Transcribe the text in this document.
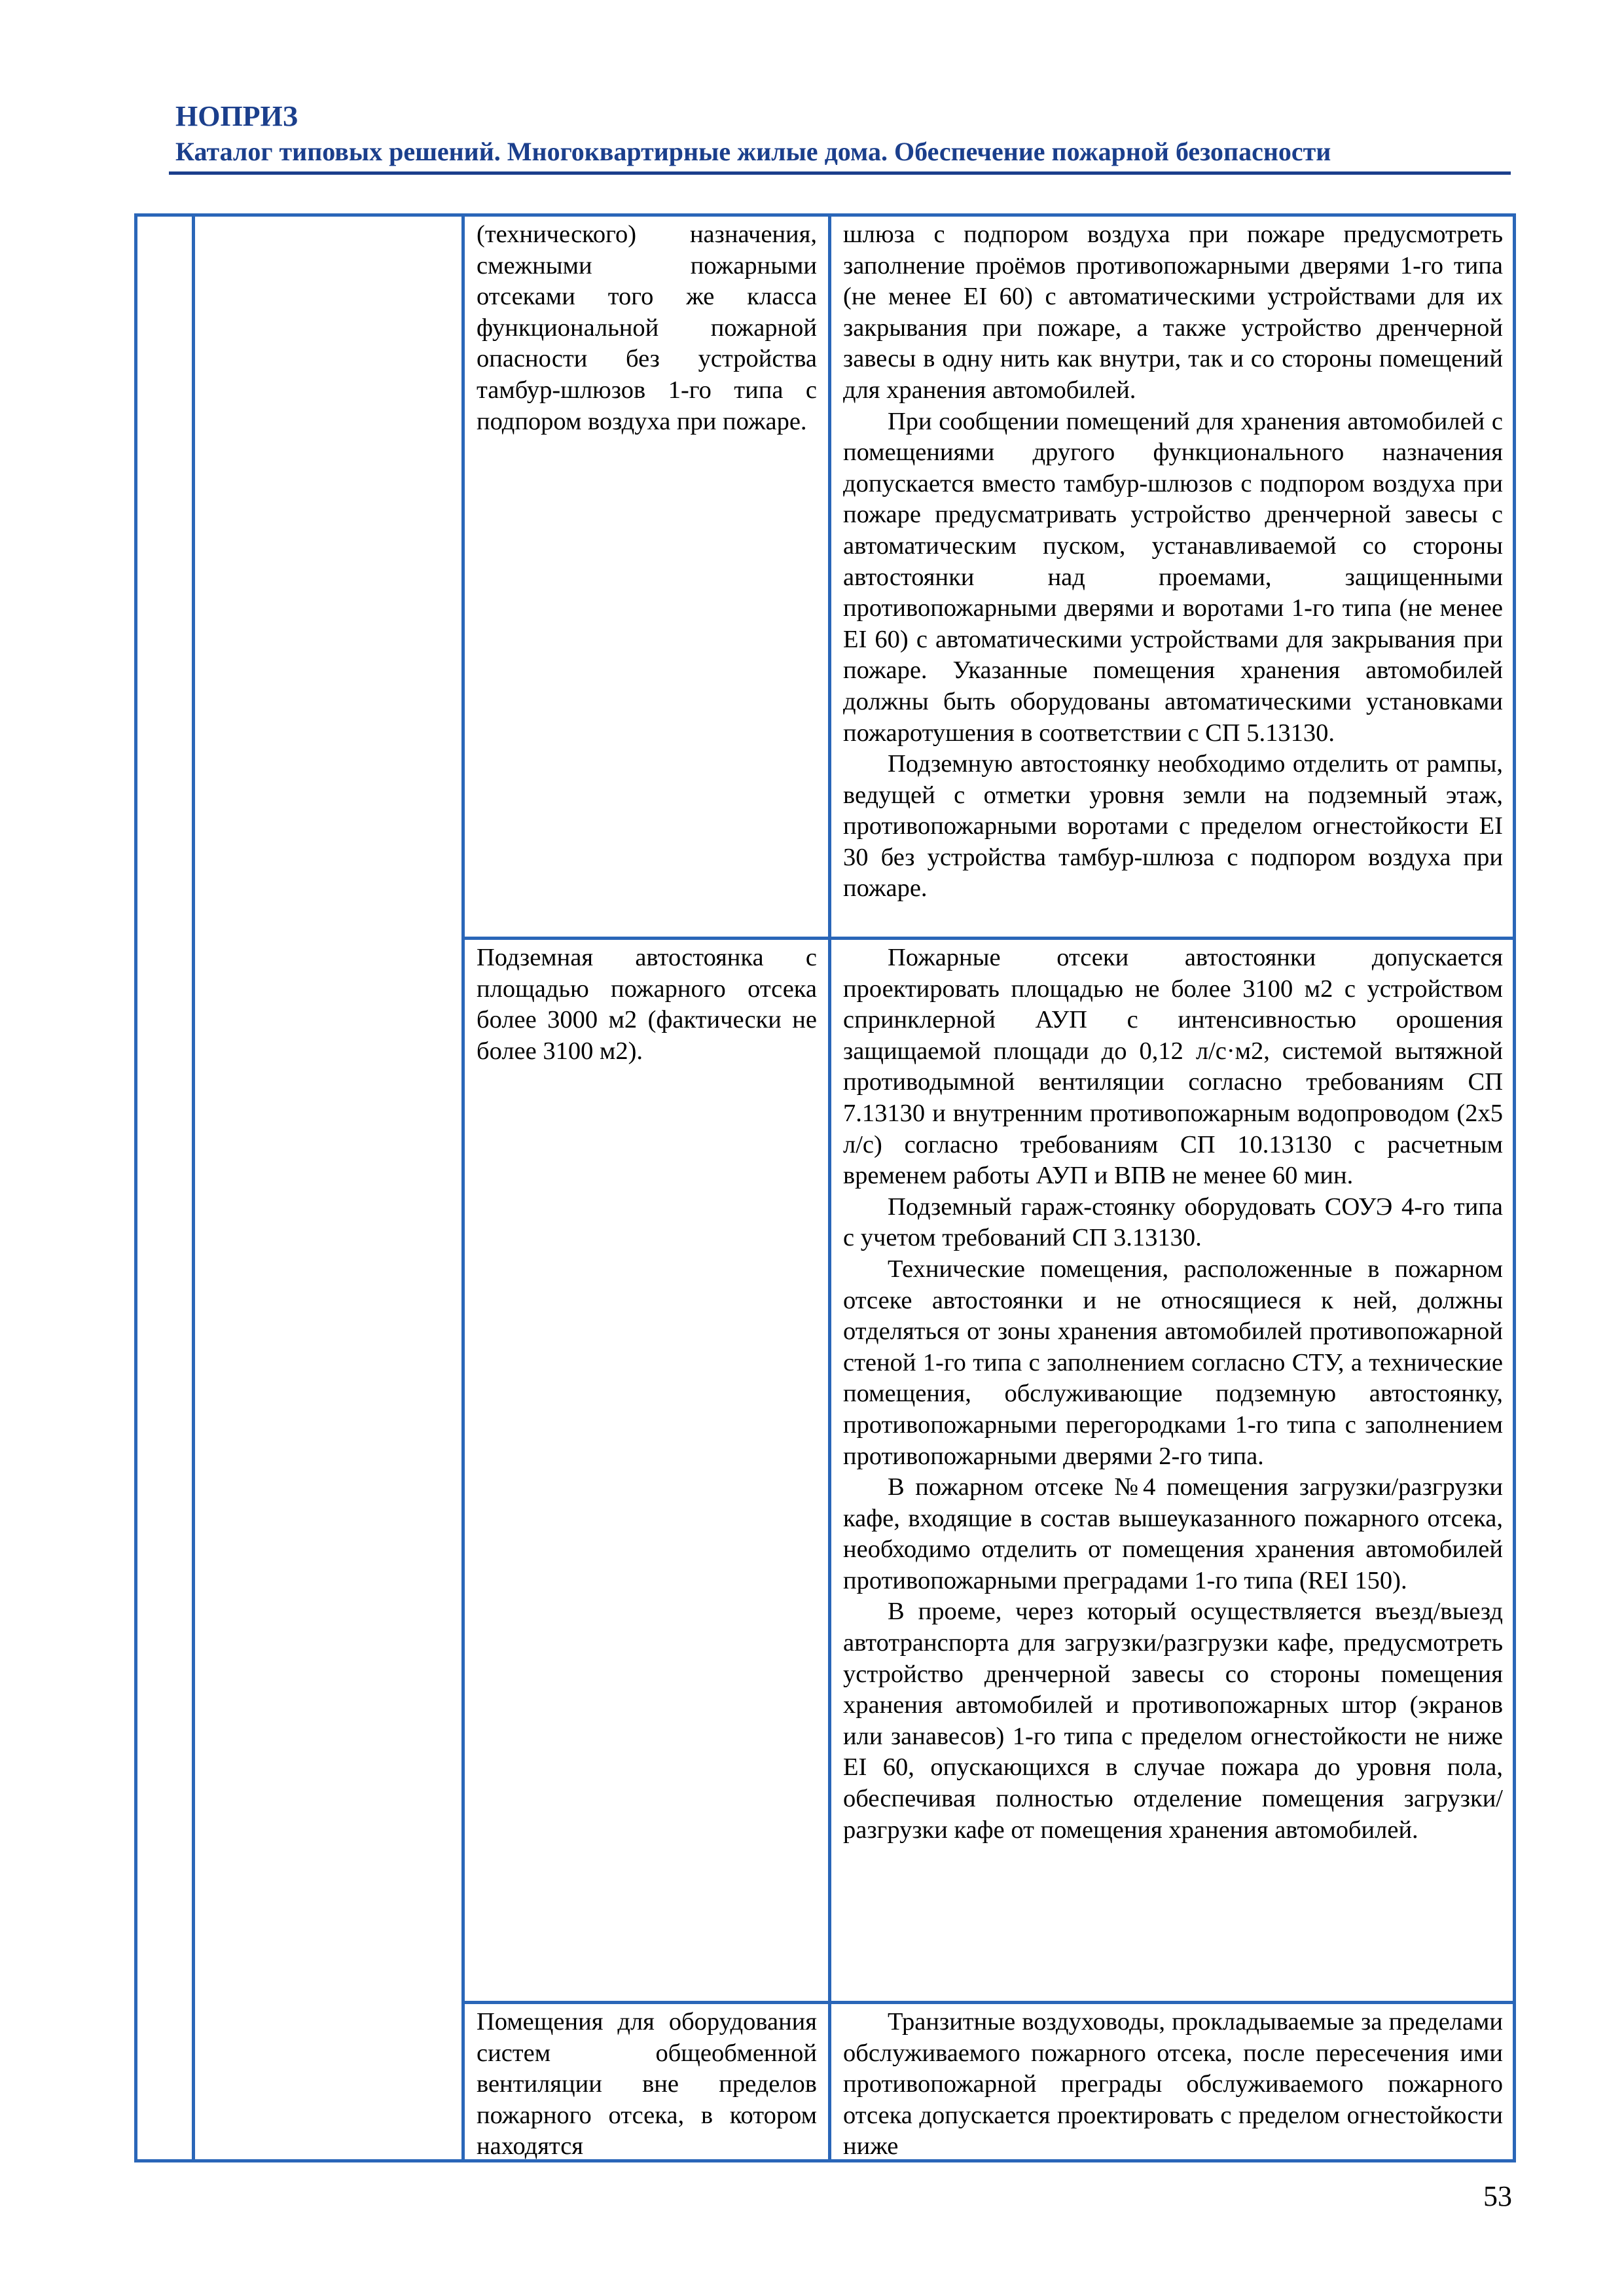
НОПРИЗ
Каталог типовых решений. Многоквартирные жилые дома. Обеспечение пожарной безопасности

(технического) назначения, смежными пожарными отсеками того же класса функциональной пожарной опасности без устройства тамбур-шлюзов 1-го типа с подпором воздуха при пожаре.

шлюза с подпором воздуха при пожаре предусмотреть заполнение проёмов противопожарными дверями 1-го типа (не менее EI 60) с автоматическими устройствами для их закрывания при пожаре, а также устройство дренчерной завесы в одну нить как внутри, так и со стороны помещений для хранения автомобилей.

При сообщении помещений для хранения автомобилей с помещениями другого функционального назначения допускается вместо тамбур-шлюзов с подпором воздуха при пожаре предусматривать устройство дренчерной завесы с автоматическим пуском, устанавливаемой со стороны автостоянки над проемами, защищенными противопожарными дверями и воротами 1-го типа (не менее EI 60) с автоматическими устройствами для закрывания при пожаре. Указанные помещения хранения автомобилей должны быть оборудованы автоматическими установками пожаротушения в соответствии с СП 5.13130.

Подземную автостоянку необходимо отделить от рампы, ведущей с отметки уровня земли на подземный этаж, противопожарными воротами с пределом огнестойкости EI 30 без устройства тамбур-шлюза с подпором воздуха при пожаре.

Подземная автостоянка с площадью пожарного отсека более 3000 м2 (фактически не более 3100 м2).

Пожарные отсеки автостоянки допускается проектировать площадью не более 3100 м2 с устройством спринклерной АУП с интенсивностью орошения защищаемой площади до 0,12 л/с·м2, системой вытяжной противодымной вентиляции согласно требованиям СП 7.13130 и внутренним противопожарным водопроводом (2х5 л/с) согласно требованиям СП 10.13130 с расчетным временем работы АУП и ВПВ не менее 60 мин.

Подземный гараж-стоянку оборудовать СОУЭ 4-го типа с учетом требований СП 3.13130.

Технические помещения, расположенные в пожарном отсеке автостоянки и не относящиеся к ней, должны отделяться от зоны хранения автомобилей противопожарной стеной 1-го типа с заполнением согласно СТУ, а технические помещения, обслуживающие подземную автостоянку, противопожарными перегородками 1-го типа с заполнением противопожарными дверями 2-го типа.

В пожарном отсеке №4 помещения загрузки/разгрузки кафе, входящие в состав вышеуказанного пожарного отсека, необходимо отделить от помещения хранения автомобилей противопожарными преградами 1-го типа (REI 150).

В проеме, через который осуществляется въезд/выезд автотранспорта для загрузки/разгрузки кафе, предусмотреть устройство дренчерной завесы со стороны помещения хранения автомобилей и противопожарных штор (экранов или занавесов) 1-го типа с пределом огнестойкости не ниже EI 60, опускающихся в случае пожара до уровня пола, обеспечивая полностью отделение помещения загрузки/разгрузки кафе от помещения хранения автомобилей.

Помещения для оборудования систем общеобменной вентиляции вне пределов пожарного отсека, в котором находятся

Транзитные воздуховоды, прокладываемые за пределами обслуживаемого пожарного отсека, после пересечения ими противопожарной преграды обслуживаемого пожарного отсека допускается проектировать с пределом огнестойкости ниже

53
